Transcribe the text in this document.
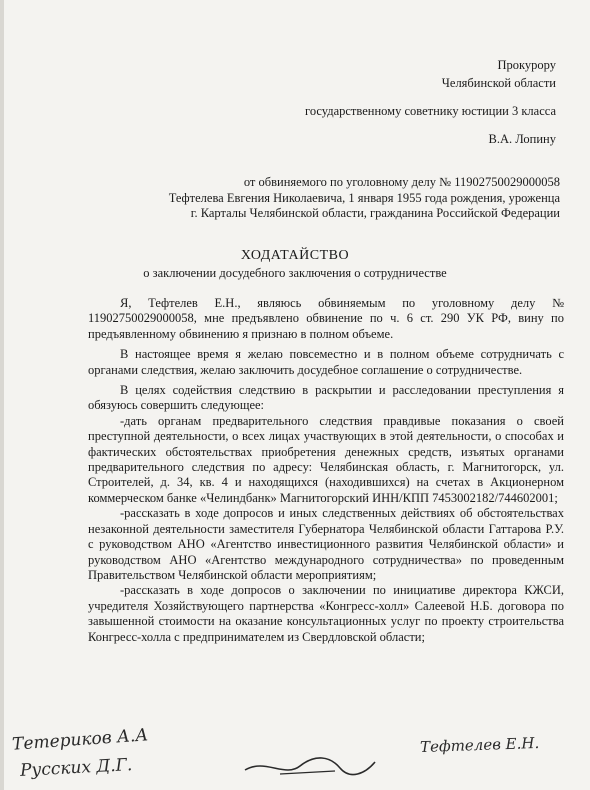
Прокурору
Челябинской области
государственному советнику юстиции 3 класса
В.А. Лопину
от обвиняемого по уголовному делу № 11902750029000058
Тефтелева Евгения Николаевича, 1 января 1955 года рождения, уроженца
г. Карталы Челябинской области, гражданина Российской Федерации
ХОДАТАЙСТВО
о заключении досудебного заключения о сотрудничестве

Я, Тефтелев Е.Н., являюсь обвиняемым по уголовному делу № 11902750029000058, мне предъявлено обвинение по ч. 6 ст. 290 УК РФ, вину по предъявленному обвинению я признаю в полном объеме.

В настоящее время я желаю повсеместно и в полном объеме сотрудничать с органами следствия, желаю заключить досудебное соглашение о сотрудничестве.

В целях содействия следствию в раскрытии и расследовании преступления я обязуюсь совершить следующее:

-дать органам предварительного следствия правдивые показания о своей преступной деятельности, о всех лицах участвующих в этой деятельности, о способах и фактических обстоятельствах приобретения денежных средств, изъятых органами предварительного следствия по адресу: Челябинская область, г. Магнитогорск, ул. Строителей, д. 34, кв. 4 и находящихся (находившихся) на счетах в Акционерном коммерческом банке «Челиндбанк» Магнитогорский ИНН/КПП 7453002182/744602001;

-рассказать в ходе допросов и иных следственных действиях об обстоятельствах незаконной деятельности заместителя Губернатора Челябинской области Гаттарова Р.У. с руководством АНО «Агентство инвестиционного развития Челябинской области» и руководством АНО «Агентство международного сотрудничества» по проведенным Правительством Челябинской области мероприятиям;

-рассказать в ходе допросов о заключении по инициативе директора КЖСИ, учредителя Хозяйствующего партнерства «Конгресс-холл» Салеевой Н.Б. договора по завышенной стоимости на оказание консультационных услуг по проекту строительства Конгресс-холла с предпринимателем из Свердловской области;

Тетериков А.А
Русских Д.Г.
Тефтелев Е.Н.
